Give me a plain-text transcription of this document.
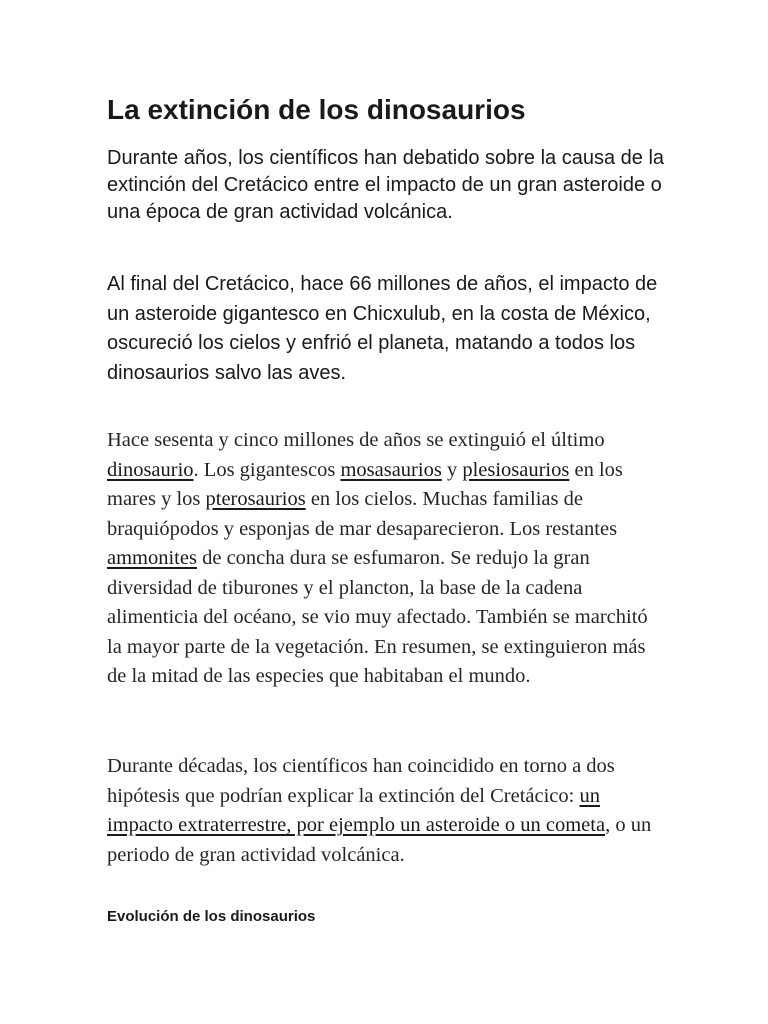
La extinción de los dinosaurios

Durante años, los científicos han debatido sobre la causa de la extinción del Cretácico entre el impacto de un gran asteroide o una época de gran actividad volcánica.

Al final del Cretácico, hace 66 millones de años, el impacto de un asteroide gigantesco en Chicxulub, en la costa de México, oscureció los cielos y enfrió el planeta, matando a todos los dinosaurios salvo las aves.

Hace sesenta y cinco millones de años se extinguió el último dinosaurio. Los gigantescos mosasaurios y plesiosaurios en los mares y los pterosaurios en los cielos. Muchas familias de braquiópodos y esponjas de mar desaparecieron. Los restantes ammonites de concha dura se esfumaron. Se redujo la gran diversidad de tiburones y el plancton, la base de la cadena alimenticia del océano, se vio muy afectado. También se marchitó la mayor parte de la vegetación. En resumen, se extinguieron más de la mitad de las especies que habitaban el mundo.

Durante décadas, los científicos han coincidido en torno a dos hipótesis que podrían explicar la extinción del Cretácico: un impacto extraterrestre, por ejemplo un asteroide o un cometa, o un periodo de gran actividad volcánica.

Evolución de los dinosaurios
